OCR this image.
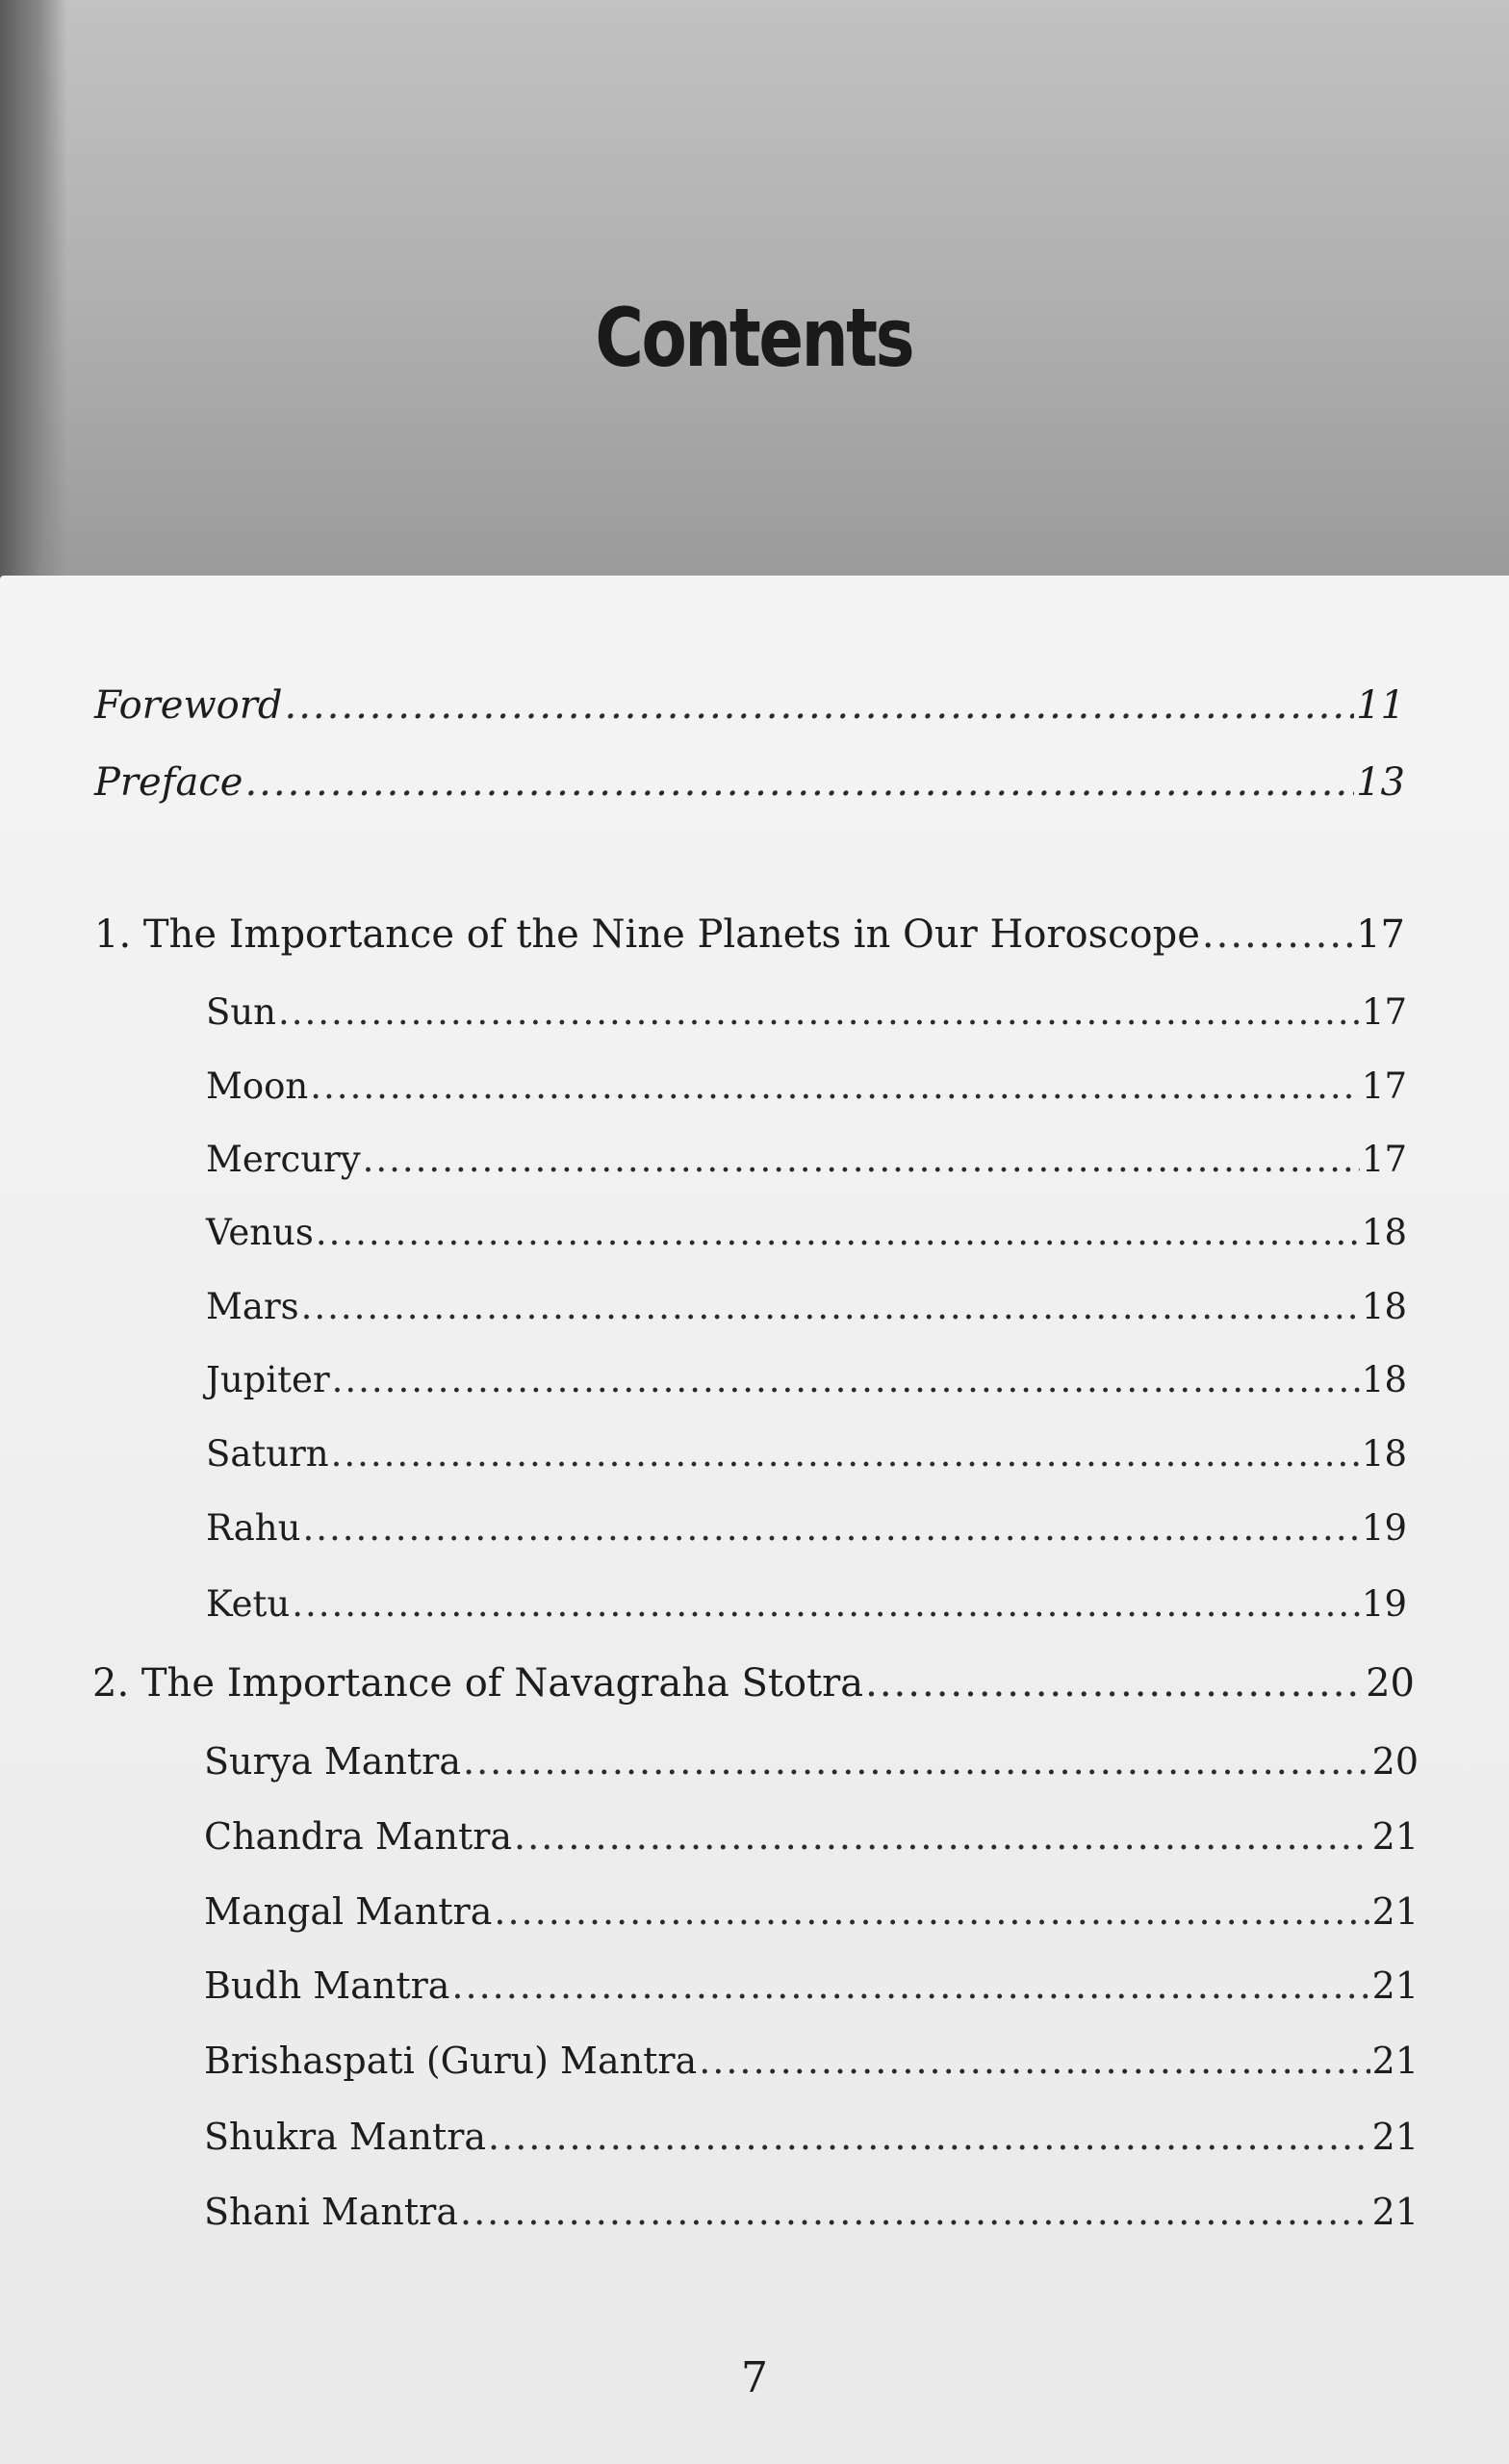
Contents
Foreword .....	11
Preface .....	13
1. The Importance of the Nine Planets in Our Horoscope .....	17
Sun .....	17
Moon .....	17
Mercury .....	17
Venus .....	18
Mars .....	18
Jupiter .....	18
Saturn .....	18
Rahu .....	19
Ketu .....	19
2. The Importance of Navagraha Stotra .....	20
Surya Mantra .....	20
Chandra Mantra .....	21
Mangal Mantra .....	21
Budh Mantra .....	21
Brishaspati (Guru) Mantra .....	21
Shukra Mantra .....	21
Shani Mantra .....	21
7
